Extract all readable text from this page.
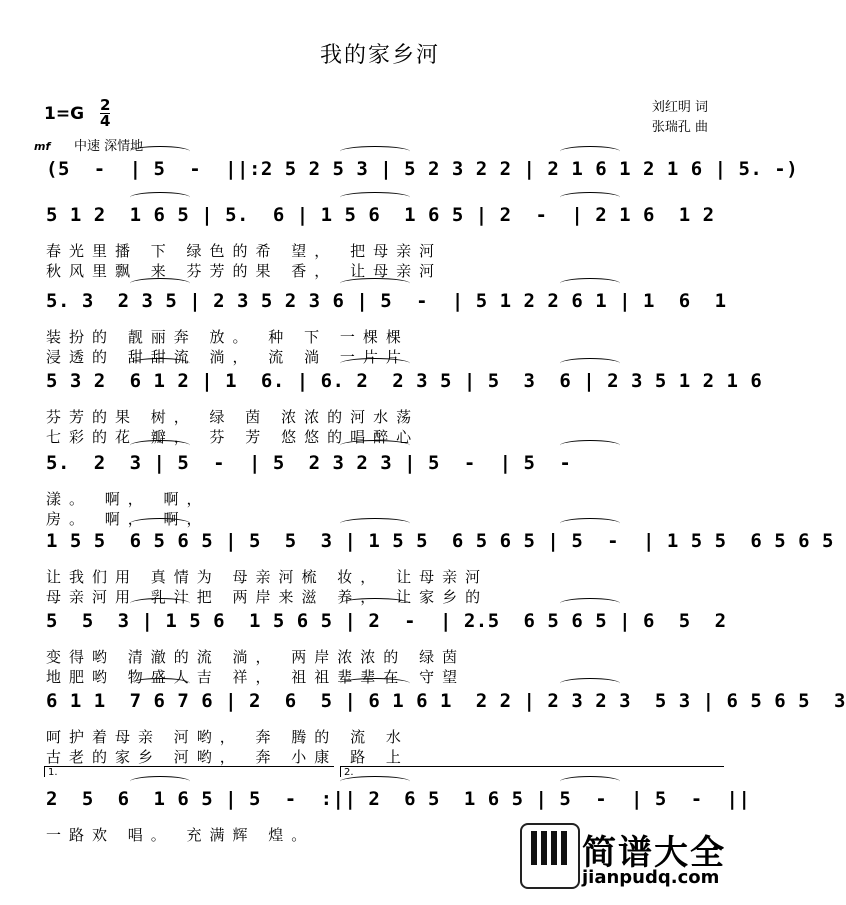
我的家乡河
1=G 2
4
刘红明 词
张瑞孔 曲
中速 深情地
mf
(5  -  | 5  -  ||:2 5 2 5 3 | 5 2 3 2 2 | 2 1 6 1 2 1 6 | 5. -)
5 1 2  1 6 5 | 5.  6 | 1 5 6  1 6 5 | 2  -  | 2 1 6  1 2
春光里播 下 绿色的希 望， 把母亲河
秋风里飘 来 芬芳的果 香， 让母亲河
5. 3  2 3 5 | 2 3 5 2 3 6 | 5  -  | 5 1 2 2 6 1 | 1  6  1
装扮的 靓丽奔 放。 种 下 一棵棵
浸透的 甜甜流 淌， 流 淌 一片片
5 3 2  6 1 2 | 1  6. | 6. 2  2 3 5 | 5  3  6 | 2 3 5 1 2 1 6
芬芳的果 树， 绿 茵 浓浓的河水荡
七彩的花 瓣， 芬 芳 悠悠的唱醉心
5.  2  3 | 5  -  | 5  2 3 2 3 | 5  -  | 5  -
漾。 啊， 啊，
房。 啊， 啊，
1 5 5  6 5 6 5 | 5  5  3 | 1 5 5  6 5 6 5 | 5  -  | 1 5 5  6 5 6 5
让我们用 真情为 母亲河梳 妆， 让母亲河
母亲河用 乳汁把 两岸来滋 养， 让家乡的
5  5  3 | 1 5 6  1 5 6 5 | 2  -  | 2.5  6 5 6 5 | 6  5  2
变得哟 清澈的流 淌， 两岸浓浓的 绿茵
地肥哟 物盛人吉 祥， 祖祖辈辈在 守望
6 1 1  7 6 7 6 | 2  6  5 | 6 1 6 1  2 2 | 2 3 2 3  5 3 | 6 5 6 5  3
呵护着母亲 河哟， 奔 腾的 流 水
古老的家乡 河哟， 奔 小康 路 上
2  5  6  1 6 5 | 5  -  :|| 2  6 5  1 6 5 | 5  -  | 5  -  ||
一路欢 唱。 充满辉 煌。
1.	2.
简谱大全
jianpudq.com
